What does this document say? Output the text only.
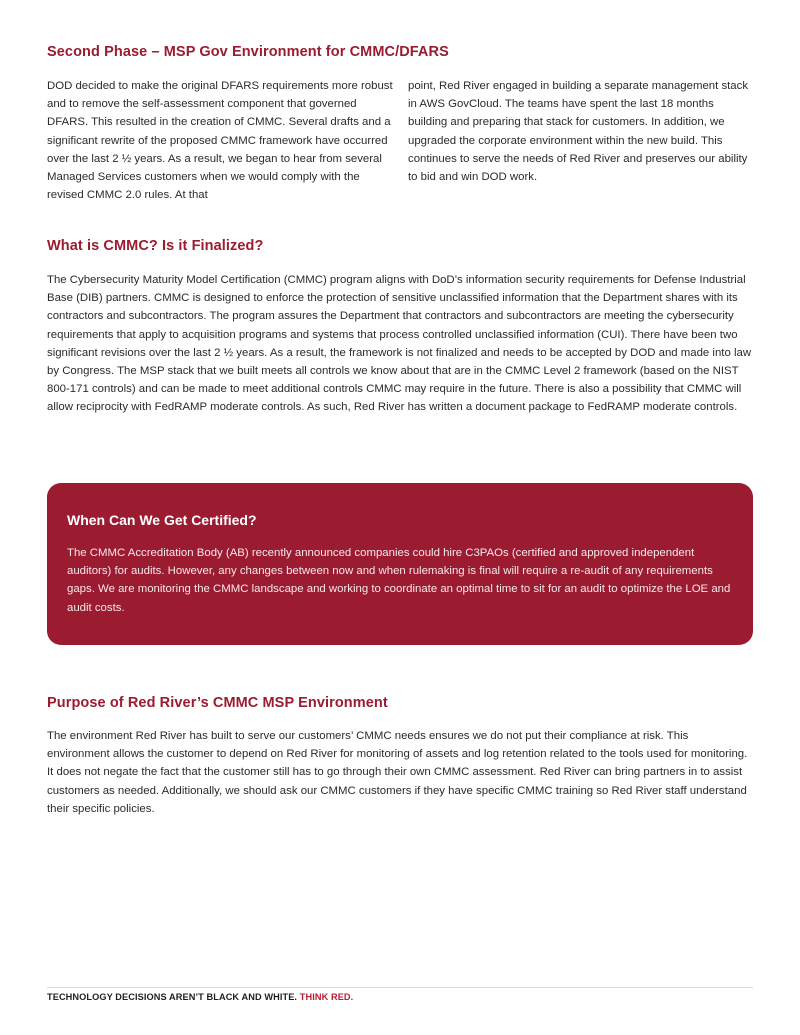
Second Phase – MSP Gov Environment for CMMC/DFARS

DOD decided to make the original DFARS requirements more robust and to remove the self-assessment component that governed DFARS. This resulted in the creation of CMMC. Several drafts and a significant rewrite of the proposed CMMC framework have occurred over the last 2 ½ years. As a result, we began to hear from several Managed Services customers when we would comply with the revised CMMC 2.0 rules. At that

point, Red River engaged in building a separate management stack in AWS GovCloud. The teams have spent the last 18 months building and preparing that stack for customers. In addition, we upgraded the corporate environment within the new build. This continues to serve the needs of Red River and preserves our ability to bid and win DOD work.

What is CMMC? Is it Finalized?

The Cybersecurity Maturity Model Certification (CMMC) program aligns with DoD’s information security requirements for Defense Industrial Base (DIB) partners. CMMC is designed to enforce the protection of sensitive unclassified information that the Department shares with its contractors and subcontractors. The program assures the Department that contractors and subcontractors are meeting the cybersecurity requirements that apply to acquisition programs and systems that process controlled unclassified information (CUI). There have been two significant revisions over the last 2 ½ years. As a result, the framework is not finalized and needs to be accepted by DOD and made into law by Congress. The MSP stack that we built meets all controls we know about that are in the CMMC Level 2 framework (based on the NIST 800-171 controls) and can be made to meet additional controls CMMC may require in the future. There is also a possibility that CMMC will allow reciprocity with FedRAMP moderate controls. As such, Red River has written a document package to FedRAMP moderate controls.

When Can We Get Certified?

The CMMC Accreditation Body (AB) recently announced companies could hire C3PAOs (certified and approved independent auditors) for audits. However, any changes between now and when rulemaking is final will require a re-audit of any requirements gaps. We are monitoring the CMMC landscape and working to coordinate an optimal time to sit for an audit to optimize the LOE and audit costs.

Purpose of Red River’s CMMC MSP Environment

The environment Red River has built to serve our customers’ CMMC needs ensures we do not put their compliance at risk. This environment allows the customer to depend on Red River for monitoring of assets and log retention related to the tools used for monitoring. It does not negate the fact that the customer still has to go through their own CMMC assessment. Red River can bring partners in to assist customers as needed. Additionally, we should ask our CMMC customers if they have specific CMMC training so Red River staff understand their specific policies.

TECHNOLOGY DECISIONS AREN’T BLACK AND WHITE. THINK RED.
